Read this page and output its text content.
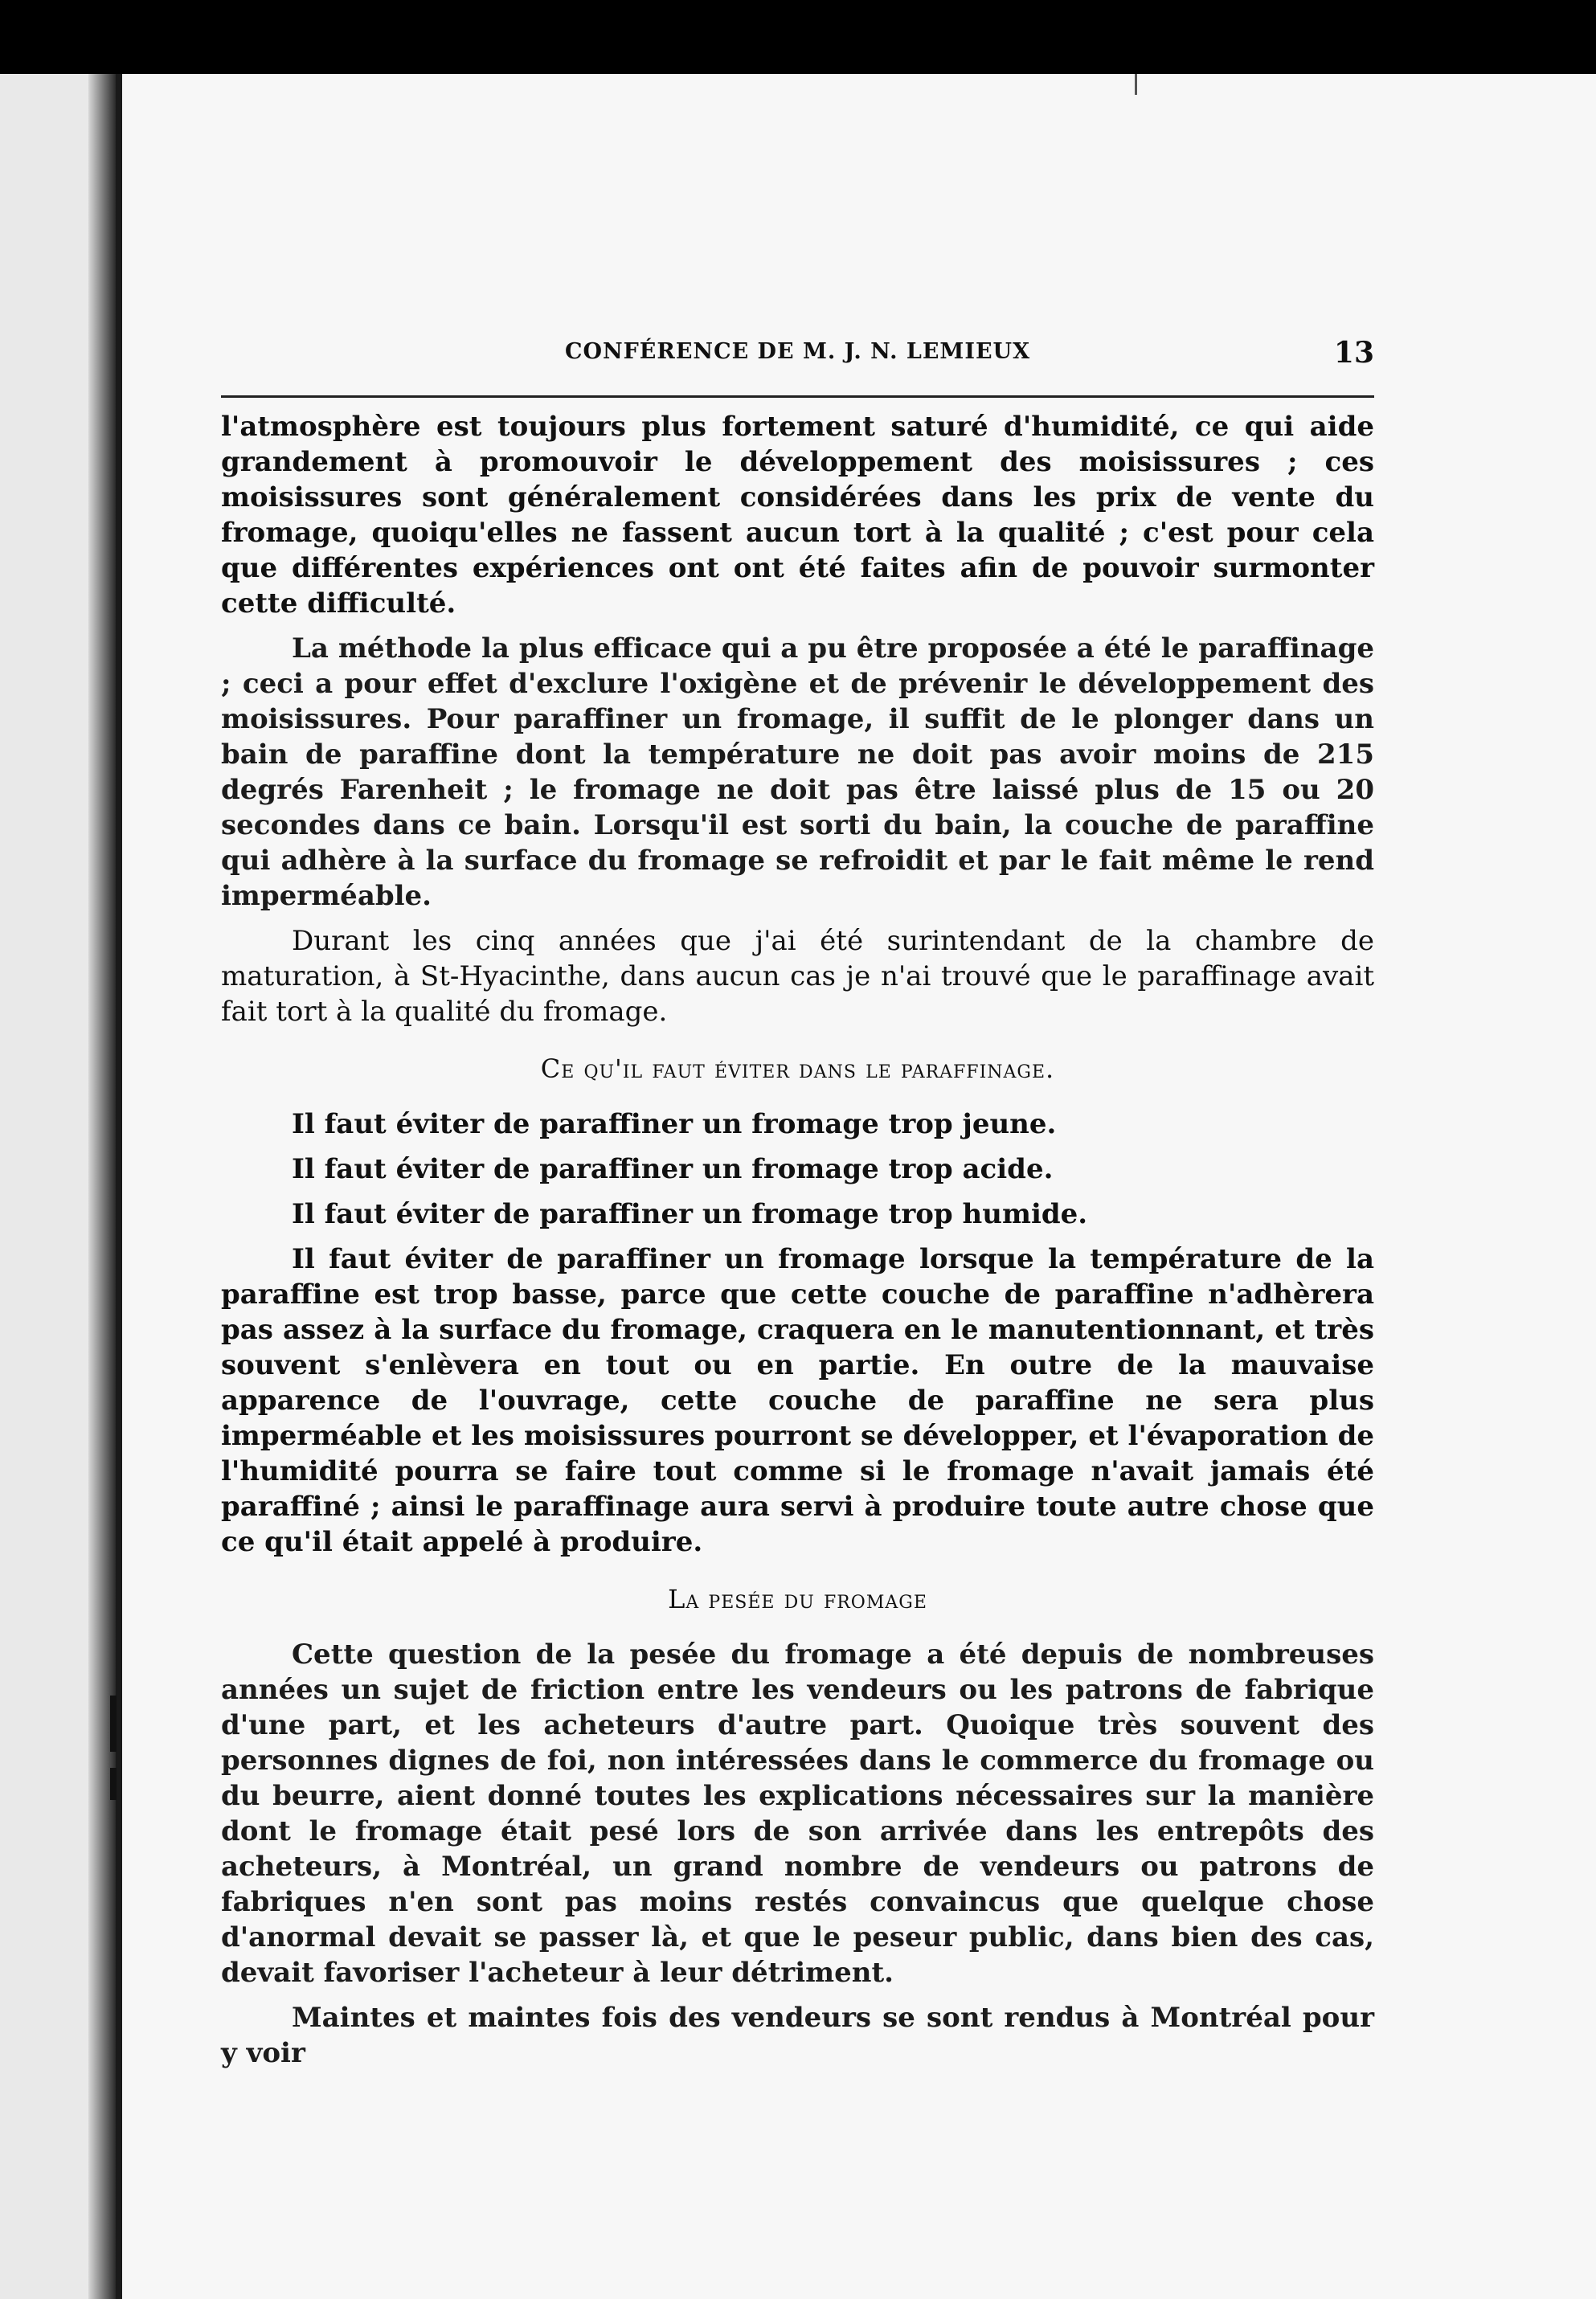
CONFÉRENCE DE M. J. N. LEMIEUX	13

l'atmosphère est toujours plus fortement saturé d'humidité, ce qui aide grandement à promouvoir le développement des moisissures ; ces moisissures sont généralement considérées dans les prix de vente du fromage, quoiqu'elles ne fassent aucun tort à la qualité ; c'est pour cela que différentes expériences ont ont été faites afin de pouvoir surmonter cette difficulté.

La méthode la plus efficace qui a pu être proposée a été le paraffinage ; ceci a pour effet d'exclure l'oxigène et de prévenir le développement des moisissures. Pour paraffiner un fromage, il suffit de le plonger dans un bain de paraffine dont la température ne doit pas avoir moins de 215 degrés Farenheit ; le fromage ne doit pas être laissé plus de 15 ou 20 secondes dans ce bain. Lorsqu'il est sorti du bain, la couche de paraffine qui adhère à la surface du fromage se refroidit et par le fait même le rend imperméable.

Durant les cinq années que j'ai été surintendant de la chambre de maturation, à St-Hyacinthe, dans aucun cas je n'ai trouvé que le paraffinage avait fait tort à la qualité du fromage.

Ce qu'il faut éviter dans le paraffinage.
Il faut éviter de paraffiner un fromage trop jeune.
Il faut éviter de paraffiner un fromage trop acide.
Il faut éviter de paraffiner un fromage trop humide.

Il faut éviter de paraffiner un fromage lorsque la température de la paraffine est trop basse, parce que cette couche de paraffine n'adhèrera pas assez à la surface du fromage, craquera en le manutentionnant, et très souvent s'enlèvera en tout ou en partie. En outre de la mauvaise apparence de l'ouvrage, cette couche de paraffine ne sera plus imperméable et les moisissures pourront se développer, et l'évaporation de l'humidité pourra se faire tout comme si le fromage n'avait jamais été paraffiné ; ainsi le paraffinage aura servi à produire toute autre chose que ce qu'il était appelé à produire.

La pesée du fromage

Cette question de la pesée du fromage a été depuis de nombreuses années un sujet de friction entre les vendeurs ou les patrons de fabrique d'une part, et les acheteurs d'autre part. Quoique très souvent des personnes dignes de foi, non intéressées dans le commerce du fromage ou du beurre, aient donné toutes les explications nécessaires sur la manière dont le fromage était pesé lors de son arrivée dans les entrepôts des acheteurs, à Montréal, un grand nombre de vendeurs ou patrons de fabriques n'en sont pas moins restés convaincus que quelque chose d'anormal devait se passer là, et que le peseur public, dans bien des cas, devait favoriser l'acheteur à leur détriment.

Maintes et maintes fois des vendeurs se sont rendus à Montréal pour y voir
